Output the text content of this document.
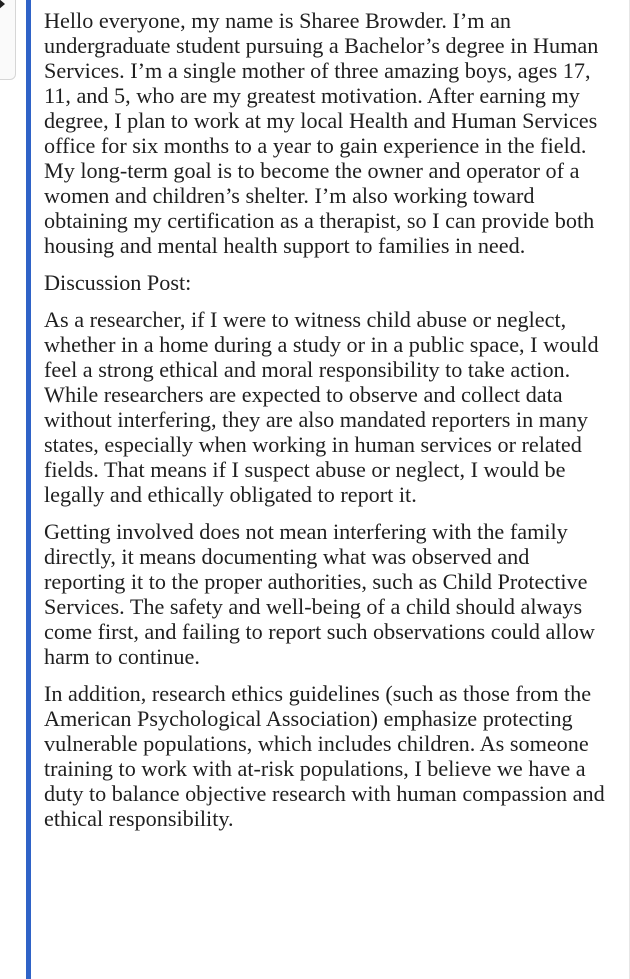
Hello everyone, my name is Sharee Browder. I’m an undergraduate student pursuing a Bachelor’s degree in Human Services. I’m a single mother of three amazing boys, ages 17, 11, and 5, who are my greatest motivation. After earning my degree, I plan to work at my local Health and Human Services office for six months to a year to gain experience in the field. My long-term goal is to become the owner and operator of a women and children’s shelter. I’m also working toward obtaining my certification as a therapist, so I can provide both housing and mental health support to families in need.

Discussion Post:

As a researcher, if I were to witness child abuse or neglect, whether in a home during a study or in a public space, I would feel a strong ethical and moral responsibility to take action. While researchers are expected to observe and collect data without interfering, they are also mandated reporters in many states, especially when working in human services or related fields. That means if I suspect abuse or neglect, I would be legally and ethically obligated to report it.

Getting involved does not mean interfering with the family directly, it means documenting what was observed and reporting it to the proper authorities, such as Child Protective Services. The safety and well-being of a child should always come first, and failing to report such observations could allow harm to continue.

In addition, research ethics guidelines (such as those from the American Psychological Association) emphasize protecting vulnerable populations, which includes children. As someone training to work with at-risk populations, I believe we have a duty to balance objective research with human compassion and ethical responsibility.
